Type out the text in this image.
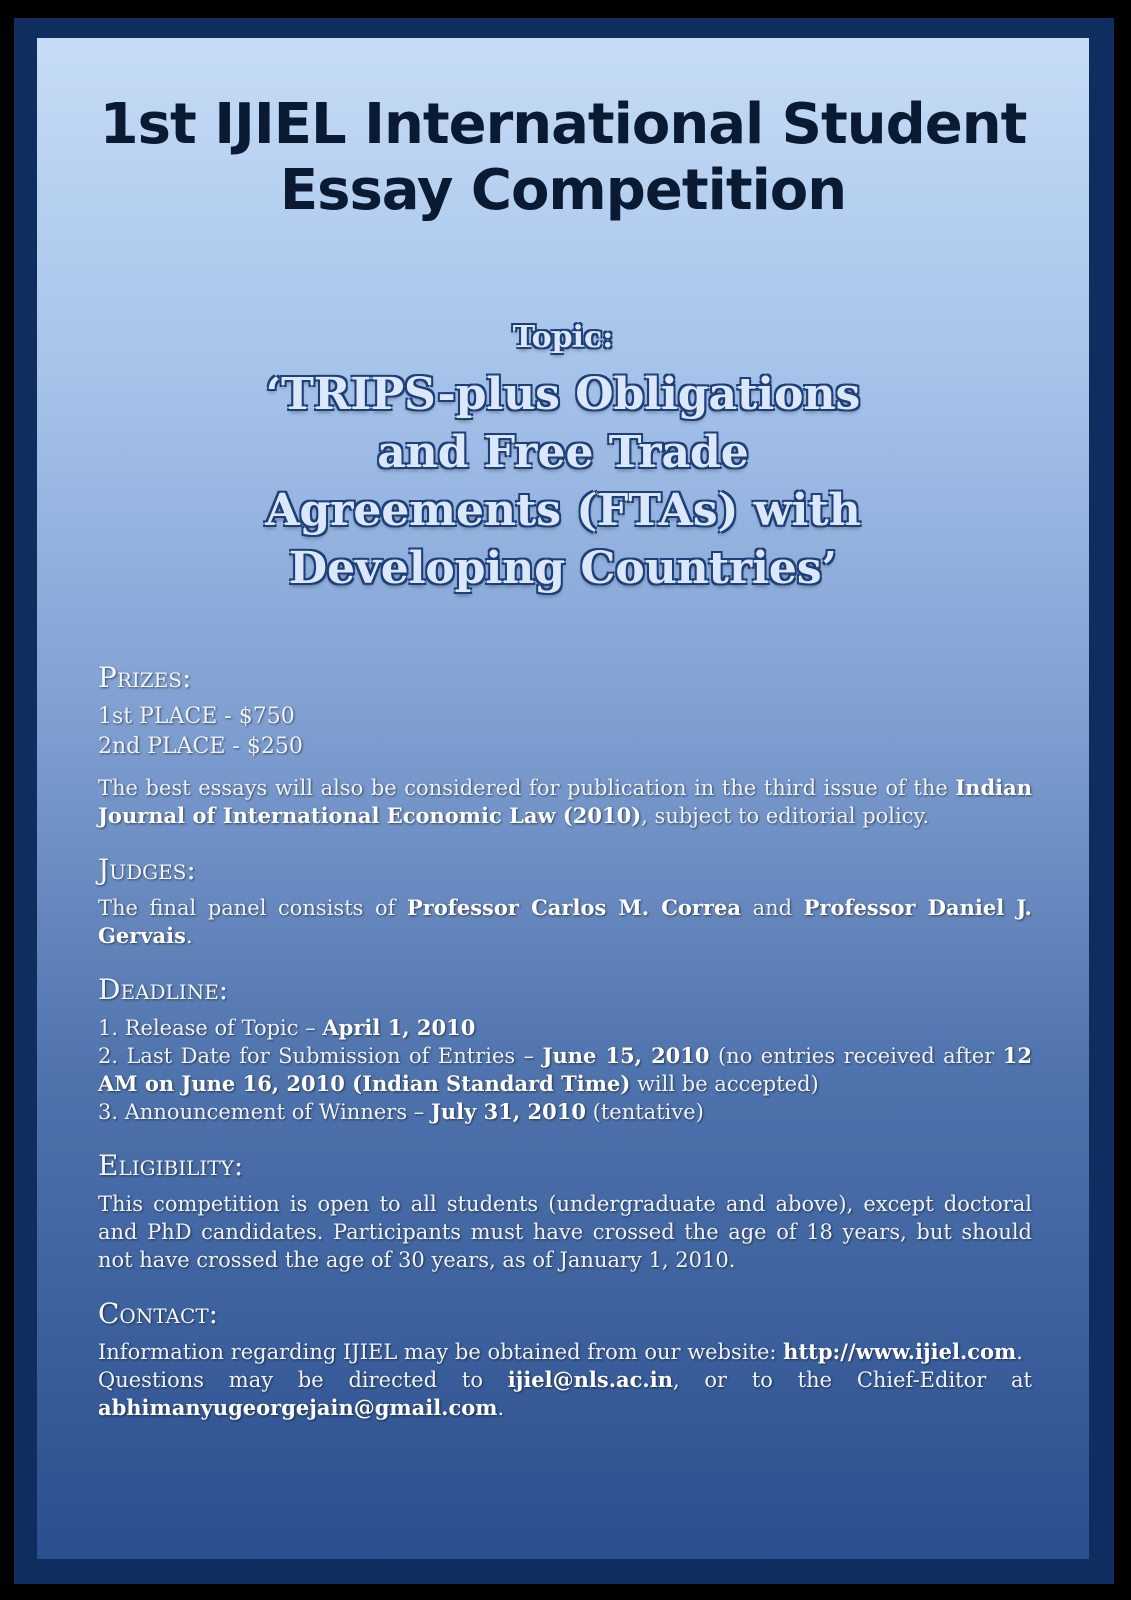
1st IJIEL International Student
Essay Competition
Topic:
‘TRIPS-plus Obligations
and Free Trade
Agreements (FTAs) with
Developing Countries’
Prizes:
1st PLACE - $750
2nd PLACE - $250

The best essays will also be considered for publication in the third issue of the Indian Journal of International Economic Law (2010), subject to editorial policy.

Judges:

The final panel consists of Professor Carlos M. Correa and Professor Daniel J. Gervais.

Deadline:

1. Release of Topic – April 1, 2010

2. Last Date for Submission of Entries – June 15, 2010 (no entries received after 12 AM on June 16, 2010 (Indian Standard Time) will be accepted)

3. Announcement of Winners – July 31, 2010 (tentative)

Eligibility:

This competition is open to all students (undergraduate and above), except doctoral and PhD candidates. Participants must have crossed the age of 18 years, but should not have crossed the age of 30 years, as of January 1, 2010.

Contact:

Information regarding IJIEL may be obtained from our website: http://www.ijiel.com.

Questions may be directed to ijiel@nls.ac.in, or to the Chief-Editor at abhimanyugeorgejain@gmail.com.
